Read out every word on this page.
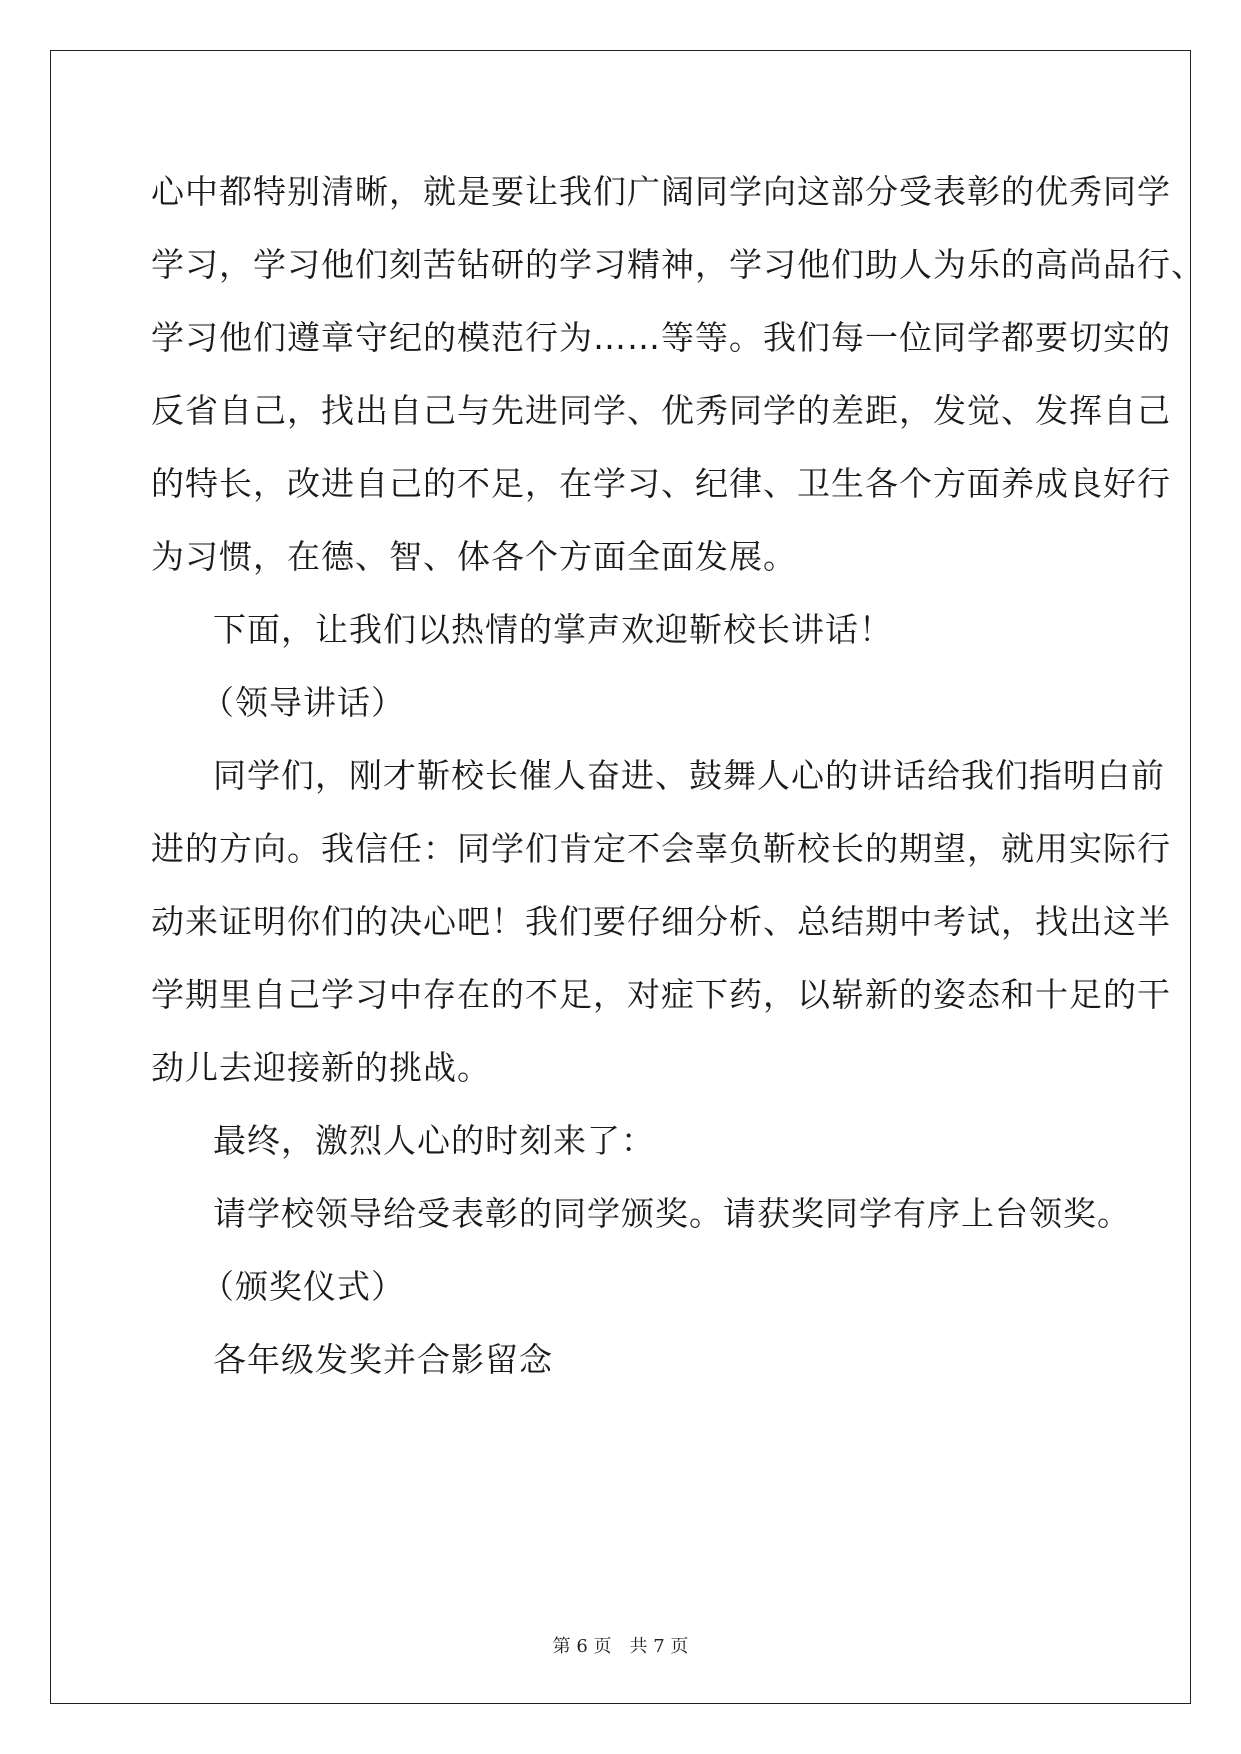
心中都特别清晰，就是要让我们广阔同学向这部分受表彰的优秀同学
学习，学习他们刻苦钻研的学习精神，学习他们助人为乐的高尚品行、
学习他们遵章守纪的模范行为……等等。我们每一位同学都要切实的
反省自己，找出自己与先进同学、优秀同学的差距，发觉、发挥自己
的特长，改进自己的不足，在学习、纪律、卫生各个方面养成良好行
为习惯，在德、智、体各个方面全面发展。
下面，让我们以热情的掌声欢迎靳校长讲话！
（领导讲话）
同学们，刚才靳校长催人奋进、鼓舞人心的讲话给我们指明白前
进的方向。我信任：同学们肯定不会辜负靳校长的期望，就用实际行
动来证明你们的决心吧！我们要仔细分析、总结期中考试，找出这半
学期里自己学习中存在的不足，对症下药，以崭新的姿态和十足的干
劲儿去迎接新的挑战。
最终，激烈人心的时刻来了：
请学校领导给受表彰的同学颁奖。请获奖同学有序上台领奖。
（颁奖仪式）
各年级发奖并合影留念
第 6 页　共 7 页
